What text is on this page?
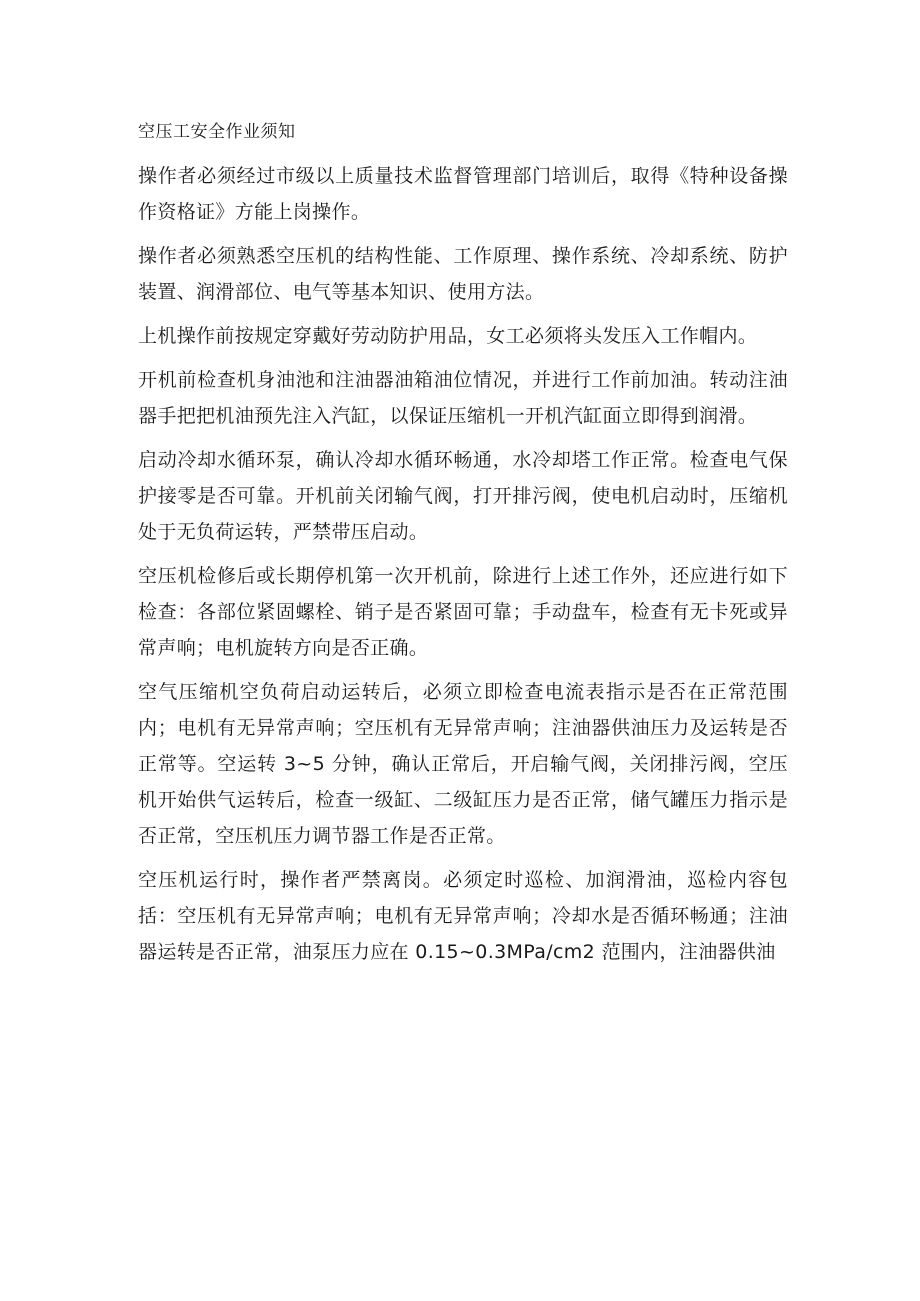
空压工安全作业须知

操作者必须经过市级以上质量技术监督管理部门培训后，取得《特种设备操作资格证》方能上岗操作。

操作者必须熟悉空压机的结构性能、工作原理、操作系统、冷却系统、防护装置、润滑部位、电气等基本知识、使用方法。

上机操作前按规定穿戴好劳动防护用品，女工必须将头发压入工作帽内。

开机前检查机身油池和注油器油箱油位情况，并进行工作前加油。转动注油器手把把机油预先注入汽缸，以保证压缩机一开机汽缸面立即得到润滑。

启动冷却水循环泵，确认冷却水循环畅通，水冷却塔工作正常。检查电气保护接零是否可靠。开机前关闭输气阀，打开排污阀，使电机启动时，压缩机处于无负荷运转，严禁带压启动。

空压机检修后或长期停机第一次开机前，除进行上述工作外，还应进行如下检查：各部位紧固螺栓、销子是否紧固可靠；手动盘车，检查有无卡死或异常声响；电机旋转方向是否正确。

空气压缩机空负荷启动运转后，必须立即检查电流表指示是否在正常范围内；电机有无异常声响；空压机有无异常声响；注油器供油压力及运转是否正常等。空运转 3~5 分钟，确认正常后，开启输气阀，关闭排污阀，空压机开始供气运转后，检查一级缸、二级缸压力是否正常，储气罐压力指示是否正常，空压机压力调节器工作是否正常。

空压机运行时，操作者严禁离岗。必须定时巡检、加润滑油，巡检内容包括：空压机有无异常声响；电机有无异常声响；冷却水是否循环畅通；注油器运转是否正常，油泵压力应在 0.15~0.3MPa/cm2 范围内，注油器供油
